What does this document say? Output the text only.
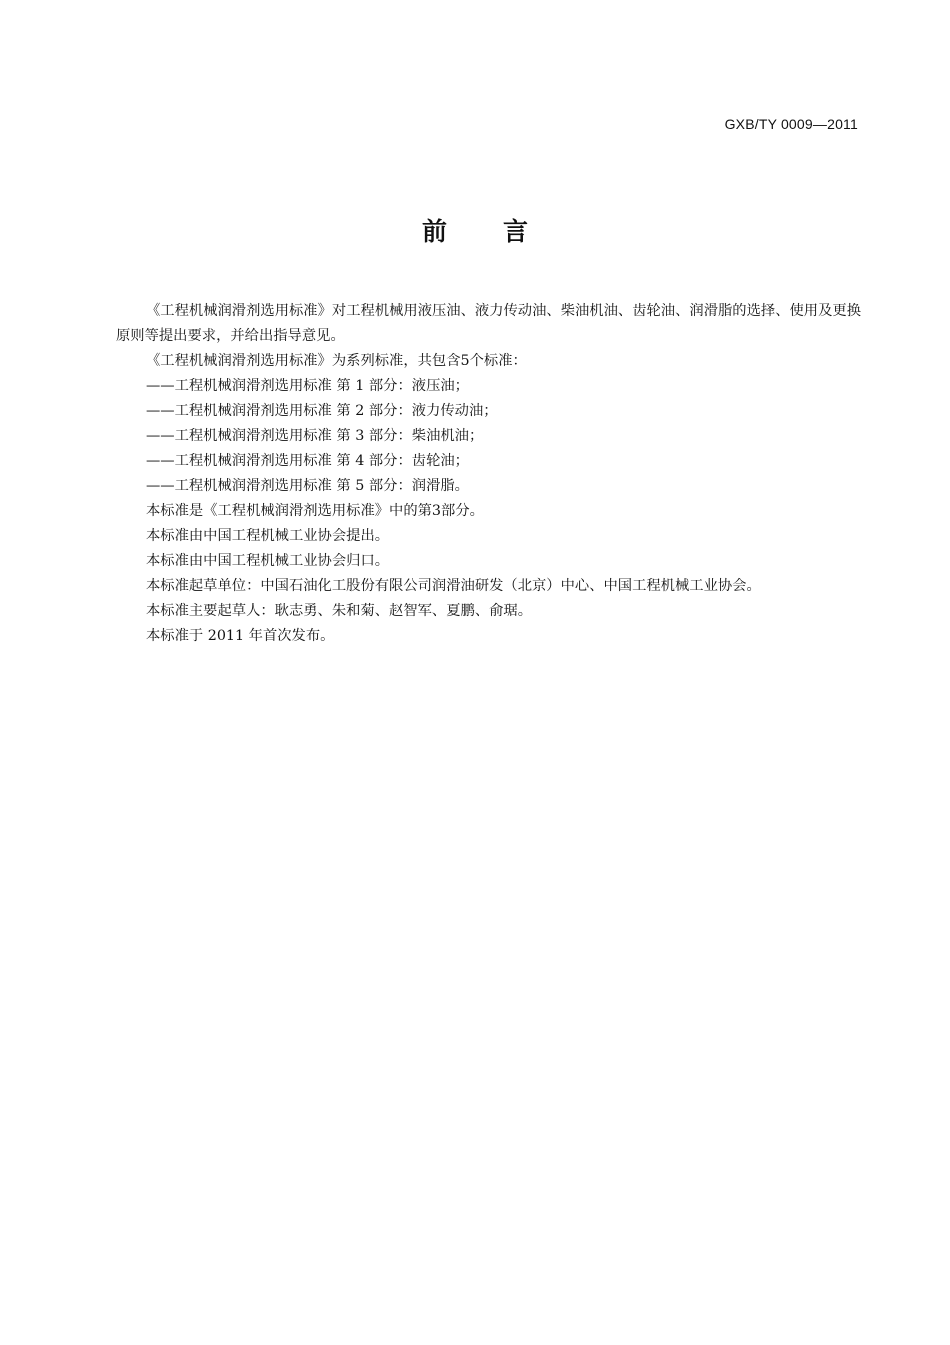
GXB/TY 0009—2011
前 言

《工程机械润滑剂选用标准》对工程机械用液压油、液力传动油、柴油机油、齿轮油、润滑脂的选择、使用及更换原则等提出要求，并给出指导意见。

《工程机械润滑剂选用标准》为系列标准，共包含5个标准：

——工程机械润滑剂选用标准 第 1 部分：液压油；

——工程机械润滑剂选用标准 第 2 部分：液力传动油；

——工程机械润滑剂选用标准 第 3 部分：柴油机油；

——工程机械润滑剂选用标准 第 4 部分：齿轮油；

——工程机械润滑剂选用标准 第 5 部分：润滑脂。

本标准是《工程机械润滑剂选用标准》中的第3部分。

本标准由中国工程机械工业协会提出。

本标准由中国工程机械工业协会归口。

本标准起草单位：中国石油化工股份有限公司润滑油研发（北京）中心、中国工程机械工业协会。

本标准主要起草人：耿志勇、朱和菊、赵智军、夏鹏、俞琚。

本标准于 2011 年首次发布。
